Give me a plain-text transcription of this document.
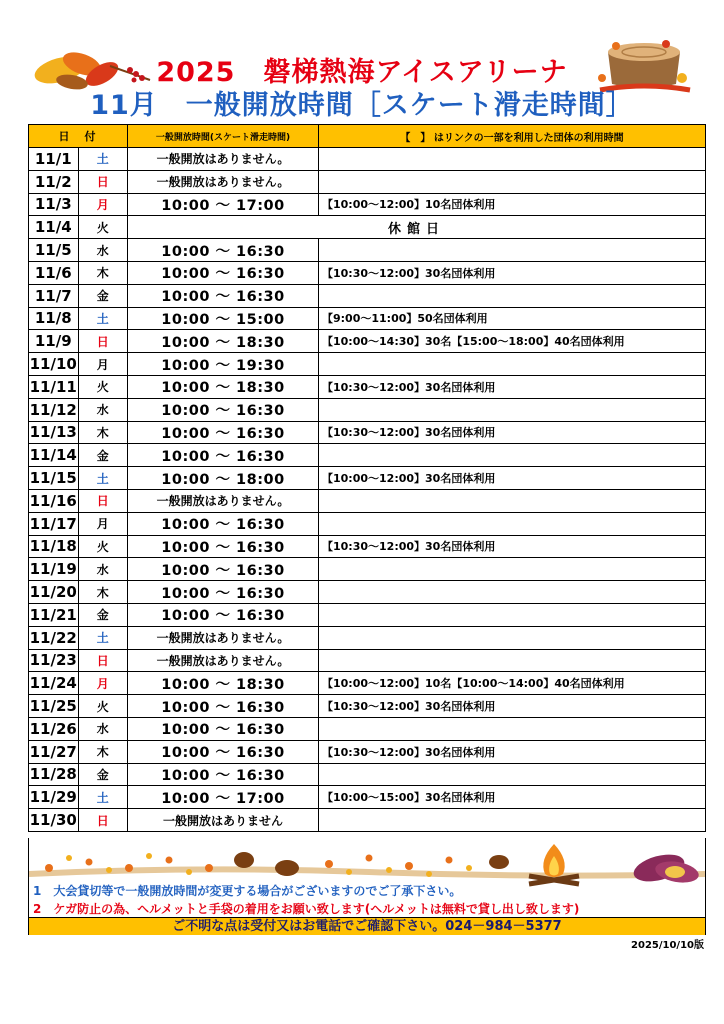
2025　磐梯熱海アイスアリーナ
11月　一般開放時間［スケート滑走時間］
日　付		一般開放時間(スケート滑走時間)	【　】 はリンクの一部を利用した団体の利用時間
11/1	土	一般開放はありません。	
11/2	日	一般開放はありません。	
11/3	月	10:00 ～ 17:00	【10:00～12:00】10名団体利用
11/4	火	休館日	
11/5	水	10:00 ～ 16:30	
11/6	木	10:00 ～ 16:30	【10:30～12:00】30名団体利用
11/7	金	10:00 ～ 16:30	
11/8	土	10:00 ～ 15:00	【9:00～11:00】50名団体利用
11/9	日	10:00 ～ 18:30	【10:00～14:30】30名【15:00～18:00】40名団体利用
11/10	月	10:00 ～ 19:30	
11/11	火	10:00 ～ 18:30	【10:30～12:00】30名団体利用
11/12	水	10:00 ～ 16:30	
11/13	木	10:00 ～ 16:30	【10:30～12:00】30名団体利用
11/14	金	10:00 ～ 16:30	
11/15	土	10:00 ～ 18:00	【10:00～12:00】30名団体利用
11/16	日	一般開放はありません。	
11/17	月	10:00 ～ 16:30	
11/18	火	10:00 ～ 16:30	【10:30～12:00】30名団体利用
11/19	水	10:00 ～ 16:30	
11/20	木	10:00 ～ 16:30	
11/21	金	10:00 ～ 16:30	
11/22	土	一般開放はありません。	
11/23	日	一般開放はありません。	
11/24	月	10:00 ～ 18:30	【10:00～12:00】10名【10:00～14:00】40名団体利用
11/25	火	10:00 ～ 16:30	【10:30～12:00】30名団体利用
11/26	水	10:00 ～ 16:30	
11/27	木	10:00 ～ 16:30	【10:30～12:00】30名団体利用
11/28	金	10:00 ～ 16:30	
11/29	土	10:00 ～ 17:00	【10:00～15:00】30名団体利用
11/30	日	一般開放はありません	
1　大会貸切等で一般開放時間が変更する場合がございますのでご了承下さい。
2　ケガ防止の為、ヘルメットと手袋の着用をお願い致します(ヘルメットは無料で貸し出し致します)
ご不明な点は受付又はお電話でご確認下さい。024－984－5377
2025/10/10版
